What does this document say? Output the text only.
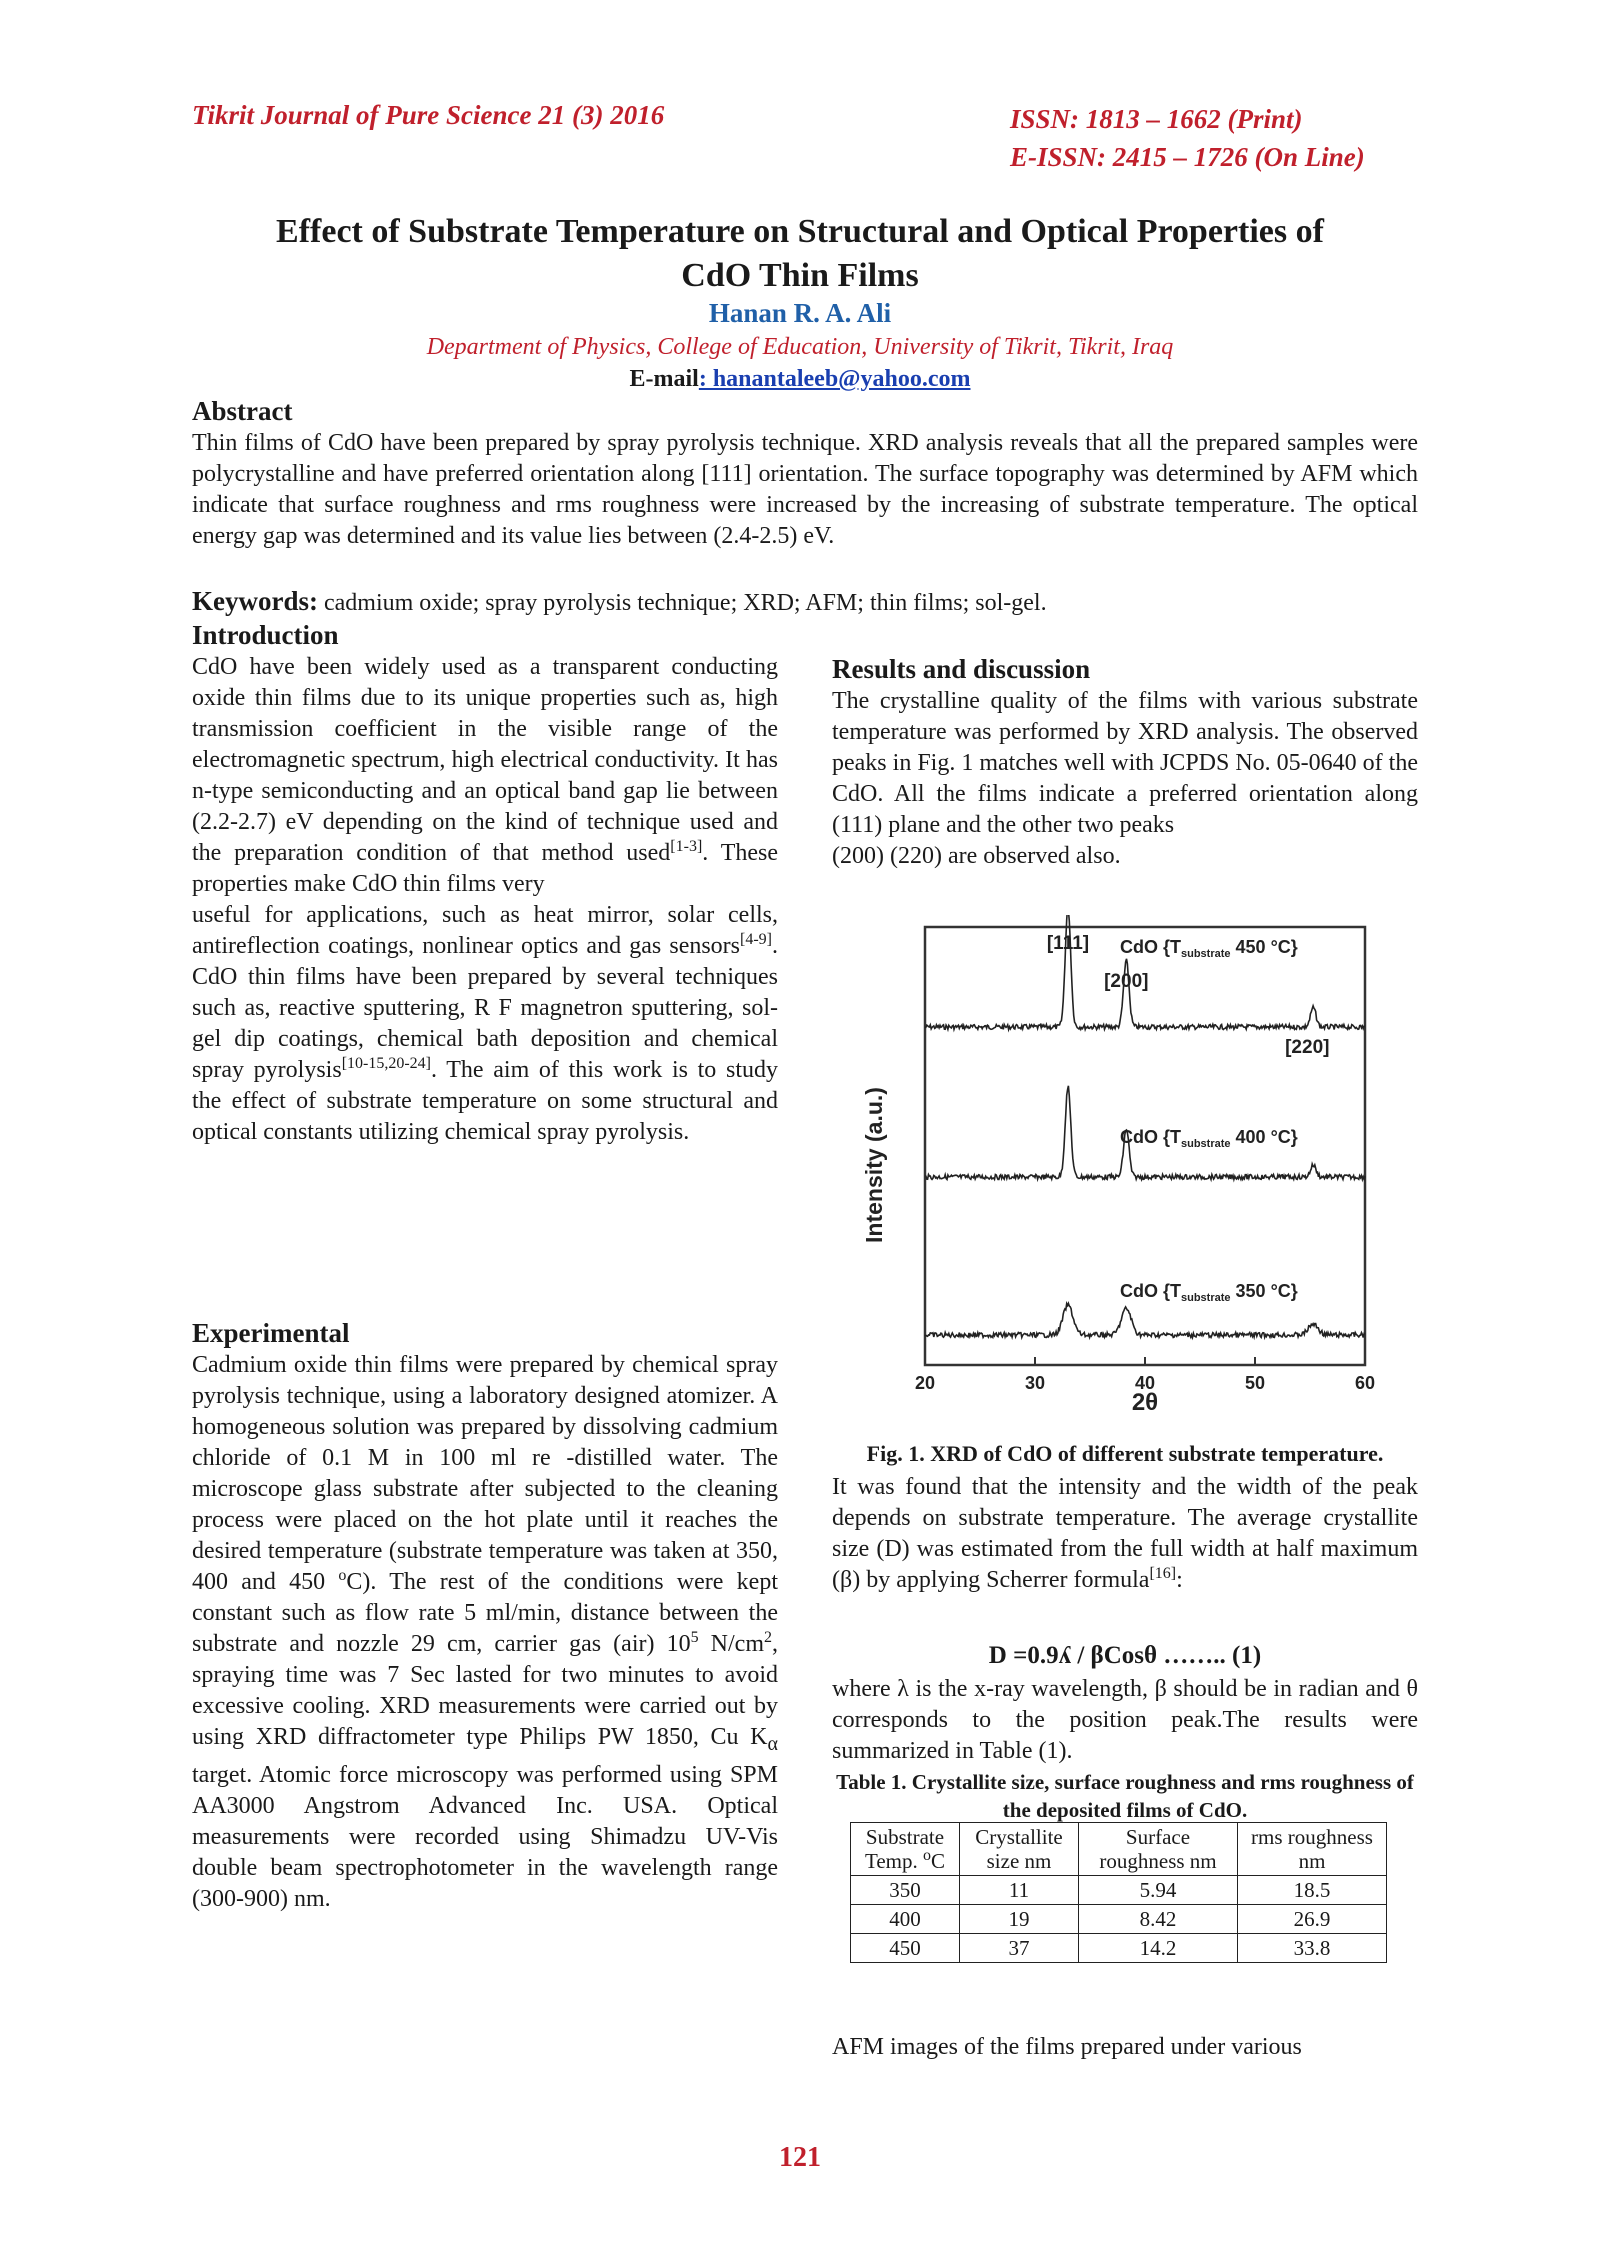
Tikrit Journal of Pure Science 21 (3) 2016	ISSN: 1813 – 1662 (Print)
E-ISSN: 2415 – 1726 (On Line)
Effect of Substrate Temperature on Structural and Optical Properties of
CdO Thin Films
Hanan R. A. Ali
Department of Physics, College of Education, University of Tikrit, Tikrit, Iraq
E-mail: hanantaleeb@yahoo.com
Abstract
Thin films of CdO have been prepared by spray pyrolysis technique. XRD analysis reveals that all the prepared samples were polycrystalline and have preferred orientation along [111] orientation. The surface topography was determined by AFM which indicate that surface roughness and rms roughness were increased by the increasing of substrate temperature. The optical energy gap was determined and its value lies between (2.4-2.5) eV.
Keywords: cadmium oxide; spray pyrolysis technique; XRD; AFM; thin films; sol-gel.
Introduction
CdO have been widely used as a transparent conducting oxide thin films due to its unique properties such as, high transmission coefficient in the visible range of the electromagnetic spectrum, high electrical conductivity. It has n-type semiconducting and an optical band gap lie between (2.2-2.7) eV depending on the kind of technique used and the preparation condition of that method used[1-3]. These properties make CdO thin films very
useful for applications, such as heat mirror, solar cells, antireflection coatings, nonlinear optics and gas sensors[4-9]. CdO thin films have been prepared by several techniques such as, reactive sputtering, R F magnetron sputtering, sol-gel dip coatings, chemical bath deposition and chemical spray pyrolysis[10-15,20-24]. The aim of this work is to study the effect of substrate temperature on some structural and optical constants utilizing chemical spray pyrolysis.
Experimental
Cadmium oxide thin films were prepared by chemical spray pyrolysis technique, using a laboratory designed atomizer. A homogeneous solution was prepared by dissolving cadmium chloride of 0.1 M in 100 ml re -distilled water. The microscope glass substrate after subjected to the cleaning process were placed on the hot plate until it reaches the desired temperature (substrate temperature was taken at 350, 400 and 450 $^o$C). The rest of the conditions were kept constant such as flow rate 5 ml/min, distance between the substrate and nozzle 29 cm, carrier gas (air) $10^5$ $N/cm^2$, spraying time was 7 Sec lasted for two minutes to avoid excessive cooling. XRD measurements were carried out by using XRD diffractometer type Philips PW 1850, Cu $K_\alpha$ target. Atomic force microscopy was performed using SPM AA3000 Angstrom Advanced Inc. USA. Optical measurements were recorded using Shimadzu UV-Vis double beam spectrophotometer in the wavelength range (300-900) nm.
Results and discussion
The crystalline quality of the films with various substrate temperature was performed by XRD analysis. The observed peaks in Fig. 1 matches well with JCPDS No. 05-0640 of the CdO. All the films indicate a preferred orientation along (111) plane and the other two peaks
(200) (220) are observed also.
Intensity (a.u.)
20	30	40	50	60
[111]
[200]
[220]
CdO {$T_{substrate}$ 450 °C}
CdO {$T_{substrate}$ 400 °C}
CdO {$T_{substrate}$ 350 °C}
2θ
Fig. 1. XRD of CdO of different substrate temperature.
It was found that the intensity and the width of the peak depends on substrate temperature. The average crystallite size (D) was estimated from the full width at half maximum (β) by applying Scherrer formula[16]:
D =0.9ʎ / βCosθ …….. (1)
where λ is the x-ray wavelength, β should be in radian and θ corresponds to the position peak.The results were summarized in Table (1).
Table 1. Crystallite size, surface roughness and rms roughness of the deposited films of CdO.
Substrate
Temp. $^o$C	Crystallite size nm	Surface roughness nm	rms roughness nm
350	11	5.94	18.5
400	19	8.42	26.9
450	37	14.2	33.8
AFM images of the films prepared under various
121
